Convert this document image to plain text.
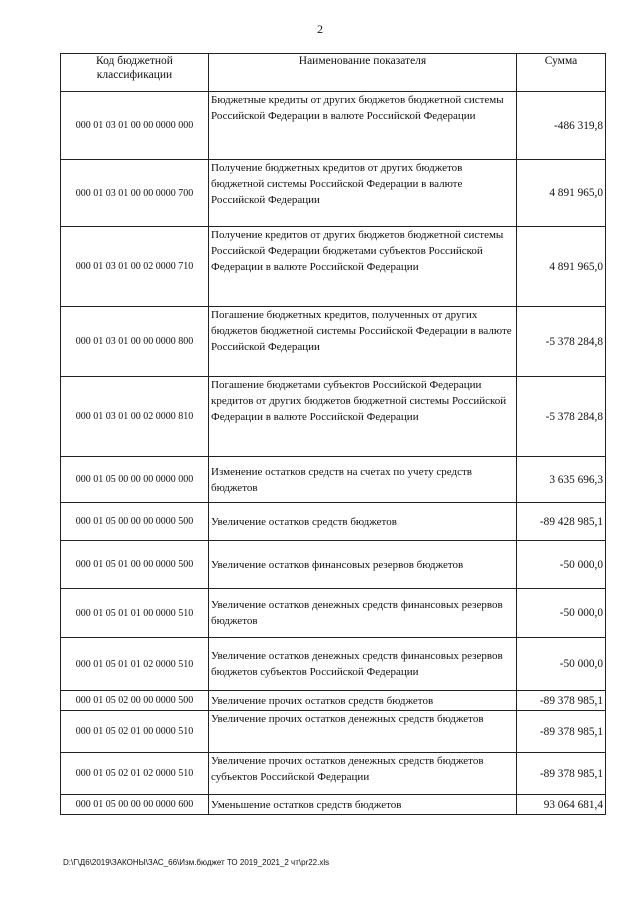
2
Код бюджетной классификации	Наименование показателя	Сумма
000 01 03 01 00 00 0000 000	Бюджетные кредиты от других бюджетов бюджетной системы Российской Федерации в валюте Российской Федерации	-486 319,8
000 01 03 01 00 00 0000 700	Получение бюджетных кредитов от других бюджетов бюджетной системы Российской Федерации в валюте Российской Федерации	4 891 965,0
000 01 03 01 00 02 0000 710	Получение кредитов от других бюджетов бюджетной системы Российской Федерации бюджетами субъектов Российской Федерации в валюте Российской Федерации	4 891 965,0
000 01 03 01 00 00 0000 800	Погашение бюджетных кредитов, полученных от других бюджетов бюджетной системы Российской Федерации в валюте Российской Федерации	-5 378 284,8
000 01 03 01 00 02 0000 810	Погашение бюджетами субъектов Российской Федерации кредитов от других бюджетов бюджетной системы Российской Федерации в валюте Российской Федерации	-5 378 284,8
000 01 05 00 00 00 0000 000	Изменение остатков средств на счетах по учету средств бюджетов	3 635 696,3
000 01 05 00 00 00 0000 500	Увеличение остатков средств бюджетов	-89 428 985,1
000 01 05 01 00 00 0000 500	Увеличение остатков финансовых резервов бюджетов	-50 000,0
000 01 05 01 01 00 0000 510	Увеличение остатков денежных средств финансовых резервов бюджетов	-50 000,0
000 01 05 01 01 02 0000 510	Увеличение остатков денежных средств финансовых резервов бюджетов субъектов Российской Федерации	-50 000,0
000 01 05 02 00 00 0000 500	Увеличение прочих остатков средств бюджетов	-89 378 985,1
000 01 05 02 01 00 0000 510	Увеличение прочих остатков денежных средств бюджетов	-89 378 985,1
000 01 05 02 01 02 0000 510	Увеличение прочих остатков денежных средств бюджетов субъектов Российской Федерации	-89 378 985,1
000 01 05 00 00 00 0000 600	Уменьшение остатков средств бюджетов	93 064 681,4
D:\Г\Д6\2019\ЗАКОНЫ\ЗАС_66\Изм.бюджет ТО 2019_2021_2 чт\pr22.xls
